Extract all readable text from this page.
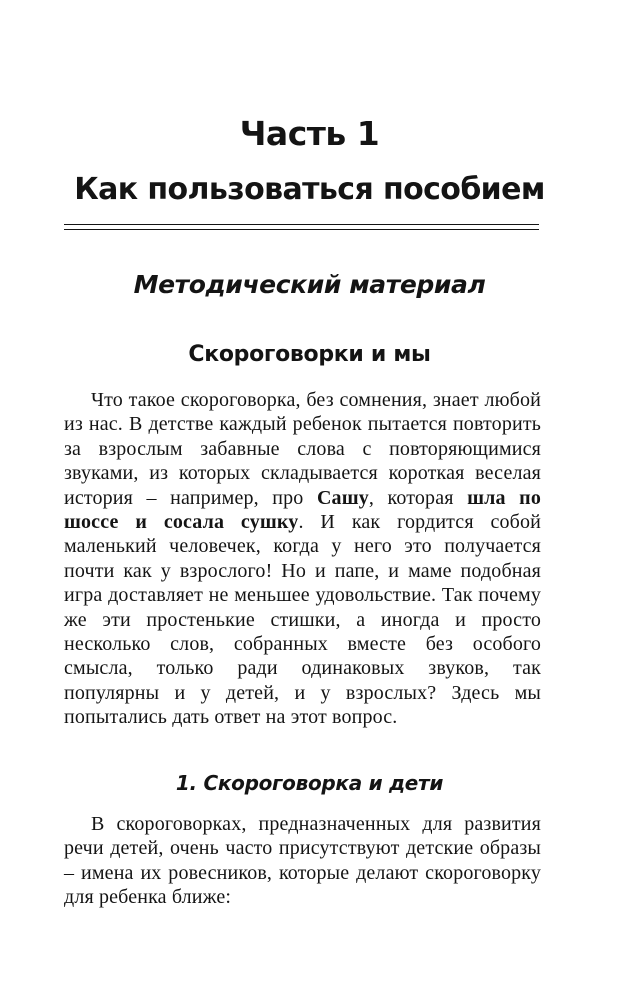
Часть 1
Как пользоваться пособием
Методический материал
Скороговорки и мы

Что такое скороговорка, без сомнения, знает любой из нас. В детстве каждый ребенок пытается повторить за взрослым забавные слова с повторяющимися звуками, из которых складывается короткая веселая история – например, про Сашу, которая шла по шоссе и сосала сушку. И как гордится собой маленький человечек, когда у него это получается почти как у взрослого! Но и папе, и маме подобная игра доставляет не меньшее удовольствие. Так почему же эти простенькие стишки, а иногда и просто несколько слов, собранных вместе без особого смысла, только ради одинаковых звуков, так популярны и у детей, и у взрослых? Здесь мы попытались дать ответ на этот вопрос.

1. Скороговорка и дети

В скороговорках, предназначенных для развития речи детей, очень часто присутствуют детские образы – имена их ровесников, которые делают скороговорку для ребенка ближе:
